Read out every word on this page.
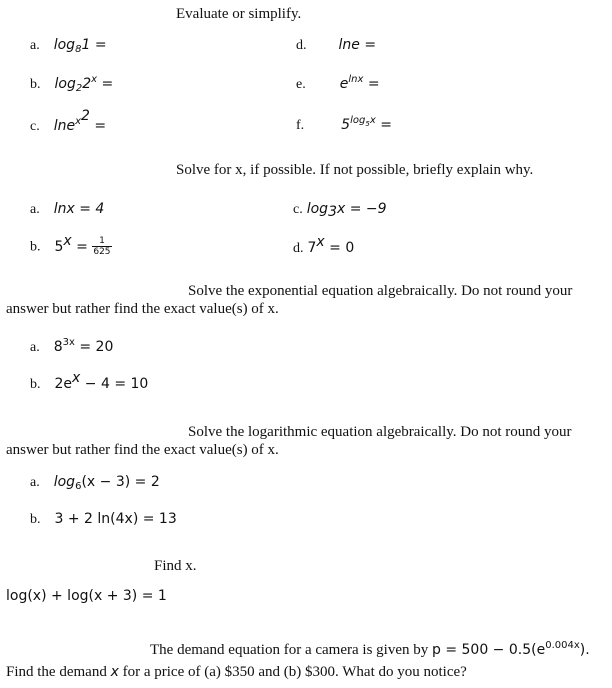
Evaluate or simplify.
a. $\log_81$ =	d. lne =
b. $\log_22^x$ =	e. $e^{lnx}$ =
c. lne$^{x^2}$ =	f.	$5^{log_5x}$ =
Solve for x, if possible. If not possible, briefly explain why.
a. lnx = 4	c. $\log_3x = -9$
b. $5^x = \frac{1}{625}$	d. $7^x = 0$
Solve the exponential equation algebraically. Do not round your
answer but rather find the exact value(s) of x.
a. $8^{3x} = 20$
b. $2e^x - 4 = 10$
Solve the logarithmic equation algebraically. Do not round your
answer but rather find the exact value(s) of x.
a. $\log_6(x - 3) = 2$
b. 3 + 2 ln(4x) = 13
Find x.
log(x) + log(x + 3) = 1
The demand equation for a camera is given by $p = 500 - 0.5(e^{0.004x})$.
Find the demand x for a price of (a) $350 and (b) $300. What do you notice?
